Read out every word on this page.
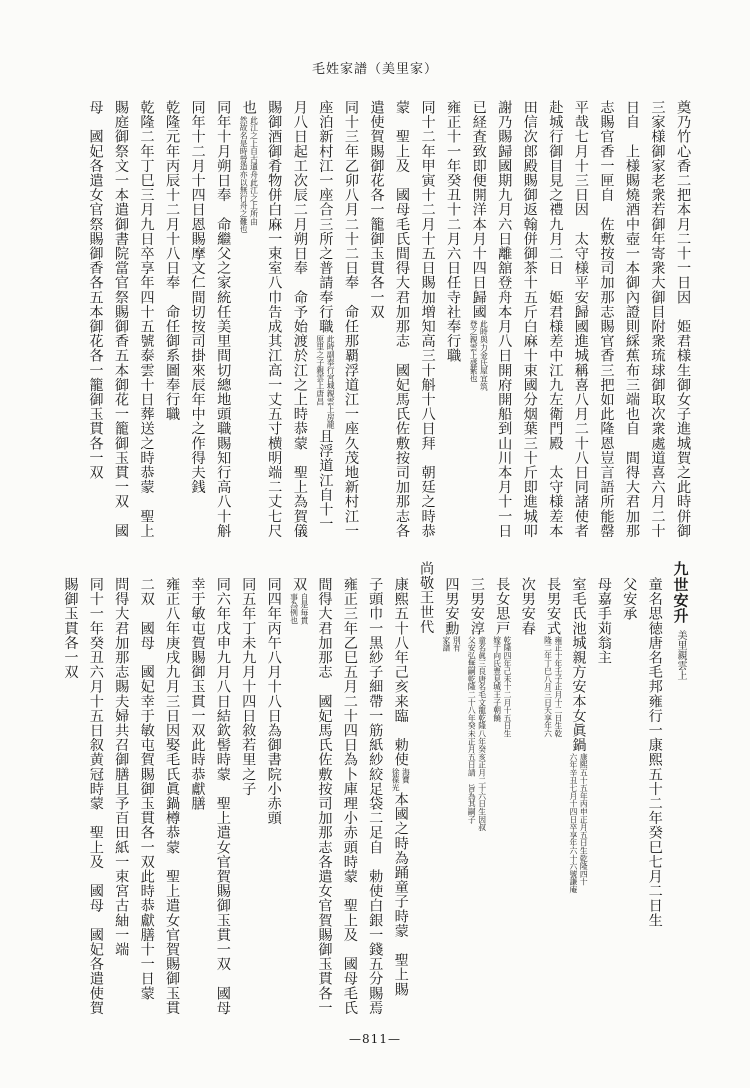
毛姓家譜（美里家）
奠乃竹心香二把本月二十一日因　姫君様生御女子進城賀之此時併御
三家様御家老衆若御年寄衆大御目附衆琉球御取次衆處道喜六月二十
日自　上様賜燒酒中壺一本御內證則綵蕉布三端也自　間得大君加那
志賜官香一匣自　佐敷按司加那志賜官香三把如此隆恩豈言語所能罄
平哉七月十三日因　太守様平安歸國進城稱喜八月二十八日同諸使者
赴城行御目見之禮九月二日　姫君様差中江九左衛門殿　太守様差本
田信次郎殿賜御返翰併御茶十五斤白麻十束國分烟葉三十斤即進城叩
謝乃賜歸國期九月六日離舘登舟本月八日開府開船到山川本月十一日
已経査致即便開洋本月十四日歸國
此時與力金氏屋宜筑
登之親雲上盛紫也
雍正十一年癸丑十二月六日任寺社奉行職
同十二年甲寅十二月十五日賜加増知高三十斛十八日拜　朝廷之時恭
蒙　聖上及　國母毛氏間得大君加那志　國妃馬氏佐敷按司加那志各
遣使賀賜御花各一籠御玉貫各一双
同十三年乙卯八月二十二日奉　命任那覇浮道江一座久茂地新村江一
座泊新村江一座合三所之普請奉行職
此時副奉行宮城親雲上房龍
原里之子親雲上唐昌
且浮道江自十一
月八日起工次辰二月朔日奉　命予始渡於江之上時恭蒙　聖上為賀儀
賜御酒御肴物併白麻一束室八巾告成其江高一丈五寸横明端二丈七尺
也
此江之上自古通舟此江之上所由
然故名是時營造亦以無行舟之難也
同年十月朔日奉　命繼父之家統任美里間切總地頭職賜知行高八十斛
同年十二月十四日恩賜摩文仁間切按司掛來辰年中之作得夫銭
乾隆元年丙辰十二月十八日奉　命任御系圖奉行職
乾隆二年丁巳三月九日卒享年四十五號泰雲十日葬送之時恭蒙　聖上
賜庭御祭文一本遣御書院當官祭賜御香五本御花一籠御玉貫一双　國
母　國妃各遣女官祭賜御香各五本御花各一籠御玉貫各一双
九世安升
美里親雲上
童名思徳唐名毛邦雍行一康熙五十二年癸巳七月二日生
父安承
母嘉手苅翁主
室毛氏池城親方安本女眞鍋
康熙五十五年丙申正月五日生乾隆四十
六年辛丑七月十四日卒享年六十六號謙庵
長男安式
雍正十年壬子正月十二日生乾
隆二年丁巳八月三日夭享年六
次男安春
長女思戸
乾隆四年己未十二月十五日生
嫁于向氏豊見城王子朝饒
三男安淳
童名眞三良唐名毛文龍乾隆八年癸亥正月二十六日生因叔
父安弘無嗣乾隆二十八年癸未正月五日請　旨為其嗣子
四男安勳
別有
家譜
尚敬王世代
康熙五十八年己亥来臨　勅使
海寶
徐葆光
本國之時為踊童子時蒙　聖上賜
子頭巾一黒紗子細帶一筋紙紗絞足袋二足自　勅使白銀一錢五分賜焉
雍正三年乙巳五月二十四日為卜庫理小赤頭時蒙　聖上及　國母毛氏
間得大君加那志　國妃馬氏佐敷按司加那志各遣女官賀賜御玉貫各一
双
自是毎貫
事為例也
同四年丙午八月十八日為御書院小赤頭
同五年丁未九月十四日敘若里之子
同六年戊申九月八日結欽髻時蒙　聖上遣女官賀賜御玉貫一双　國母
幸于敏屯賀賜御玉貫一双此時恭獻膳
雍正八年庚戌九月三日因娶毛氏眞鍋樽恭蒙　聖上遣女官賀賜御玉貫
二双　國母　國妃幸于敏屯賀賜御玉貫各一双此時恭獻膳十一日蒙
問得大君加那志賜夫婦共召御膳且予百田紙一束宮古紬一端
同十一年癸丑六月十五日叙黄冠時蒙　聖上及　國母　國妃各遣使賀
賜御玉貫各一双
—811—
